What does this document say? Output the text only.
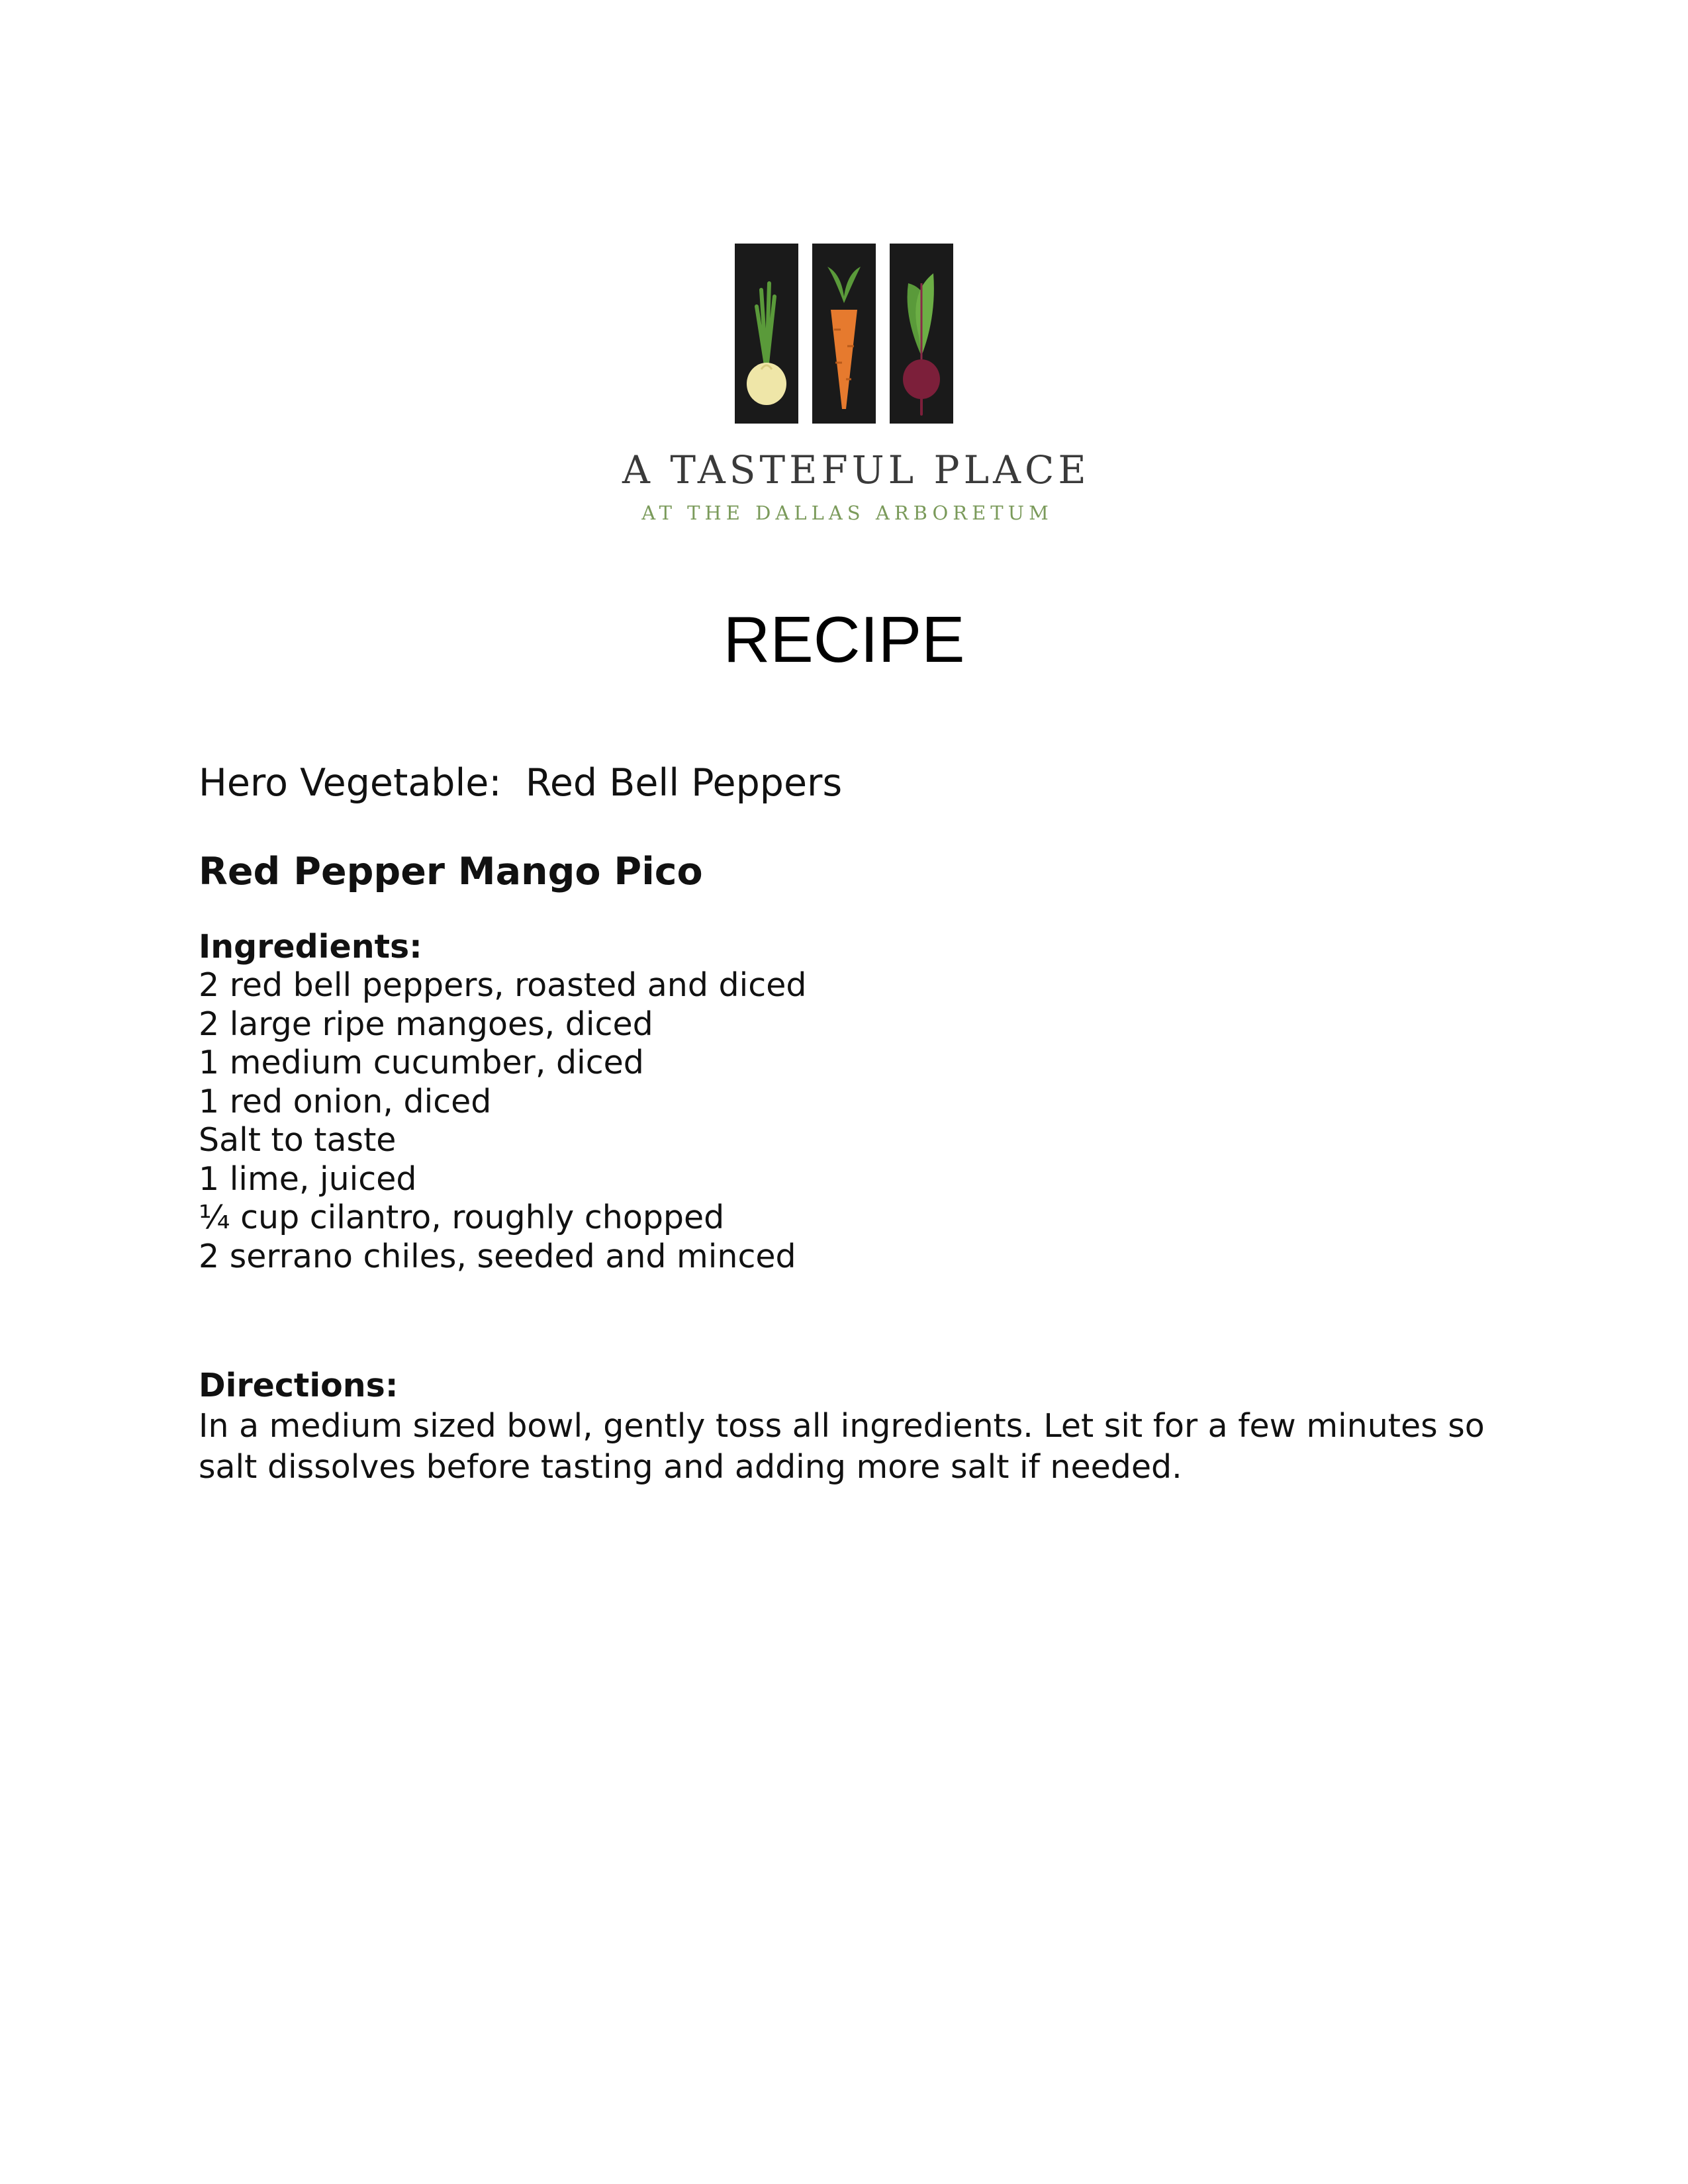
A TASTEFUL PLACE
AT THE DALLAS ARBORETUM
RECIPE
Hero Vegetable:  Red Bell Peppers
Red Pepper Mango Pico
Ingredients:
2 red bell peppers, roasted and diced
2 large ripe mangoes, diced
1 medium cucumber, diced
1 red onion, diced
Salt to taste
1 lime, juiced
¼ cup cilantro, roughly chopped
2 serrano chiles, seeded and minced
Directions:
In a medium sized bowl, gently toss all ingredients. Let sit for a few minutes so salt dissolves before tasting and adding more salt if needed.
